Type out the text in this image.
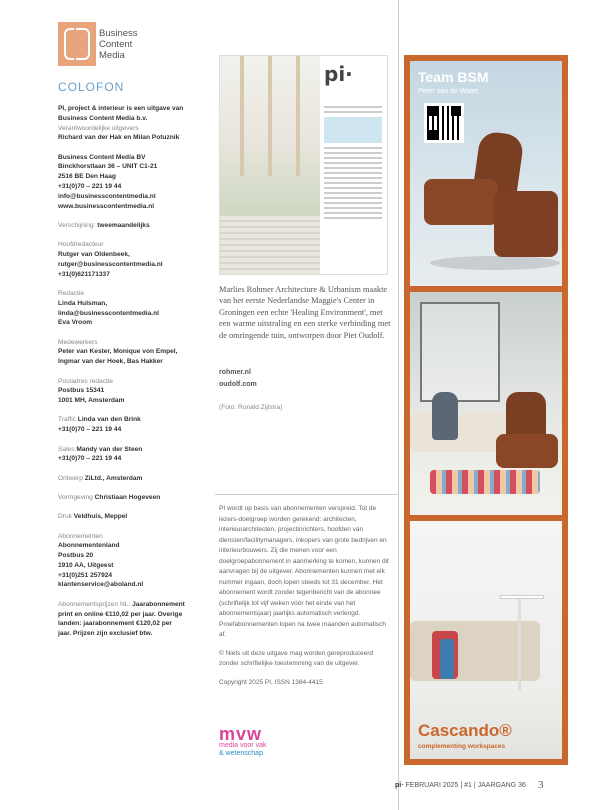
Business
Content
Media
COLOFON
PI, project & interieur is een uitgave van
Business Content Media b.v.
Verantwoordelijke uitgevers
Richard van der Hak en Milan Potuznik
Business Content Media BV
Binckhorstlaan 36 – UNIT C1-21
2516 BE Den Haag
+31(0)70 – 221 19 44
info@businesscontentmedia.nl
www.businesscontentmedia.nl
Verschijning: tweemaandelijks
Hoofdredacteur
Rutger van Oldenbeek,
rutger@businesscontentmedia.nl
+31(0)621171337
Redactie
Linda Hulsman,
linda@businesscontentmedia.nl
Eva Vroom
Medewerkers
Peter van Kester, Monique von Empel,
Ingmar van der Hoek, Bas Hakker
Postadres redactie
Postbus 15341
1001 MH, Amsterdam
Traffic Linda van den Brink
+31(0)70 – 221 19 44
Sales Mandy van der Steen
+31(0)70 – 221 19 44
Ontwerp ZiLtd., Amsterdam
Vormgeving Christiaan Hogeveen
Druk Veldhuis, Meppel
Abonnementen
Abonnementenland
Postbus 20
1910 AA, Uitgeest
+31(0)251 257924
klantenservice@aboland.nl
Abonnementsprijzen NL: Jaarabonnement
print en online €110,02 per jaar. Overige
landen: jaarabonnement €120,02 per
jaar. Prijzen zijn exclusief btw.
pi·
Marlies Rohmer Architecture & Urbanism maakte van het eerste Nederlandse Maggie's Center in Groningen een echte 'Healing Environment', met een warme uitstraling en een sterke verbinding met de omringende tuin, ontworpen door Piet Oudolf.
rohmer.nl
oudolf.com
(Foto: Ronald Zijlstra)

PI wordt op basis van abonnementen verspreid. Tot de lezers-doelgroep worden gerekend: architecten, interieurarchitecten, projectinrichters, hoofden van diensten/facilitymanagers, inkopers van grote bedrijven en interieurbouwers. Zij die menen voor een doelgroepabonnement in aanmerking te komen, kunnen dit aanvragen bij de uitgever. Abonnementen kunnen met elk nummer ingaan, doch lopen steeds tot 31 december. Het abonnement wordt zonder tegenbericht van de abonnee (schriftelijk tot vijf weken vóór het einde van het abonnementsjaar) jaarlijks automatisch verlengd. Proefabonnementen lopen na twee maanden automatisch af.

© Niets uit deze uitgave mag worden gereproduceerd zonder schriftelijke toestemming van de uitgever.

Copyright 2025 PI, ISSN 1384-4415

mvw
media voor vak
& wetenschap
Team BSM
Peter van de Water
Cascando®
complementing workspaces
pi· FEBRUARI 2025 | #1 | JAARGANG 36 3
